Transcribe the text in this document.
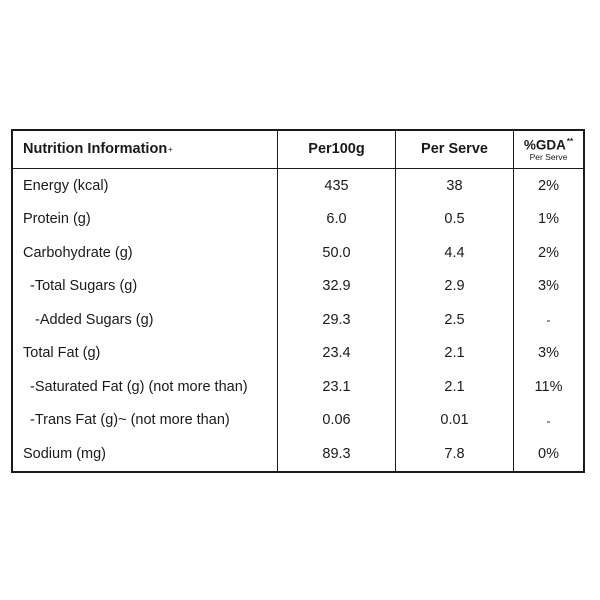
Nutrition Information +	Per100g	Per Serve	%GDA**
Per Serve
Energy (kcal)	435	38	2%
Protein (g)	6.0	0.5	1%
Carbohydrate (g)	50.0	4.4	2%
-Total Sugars (g)	32.9	2.9	3%
-Added Sugars (g)	29.3	2.5	-
Total Fat (g)	23.4	2.1	3%
-Saturated Fat (g) (not more than)	23.1	2.1	11%
-Trans Fat (g)~ (not more than)	0.06	0.01	-
Sodium (mg)	89.3	7.8	0%
